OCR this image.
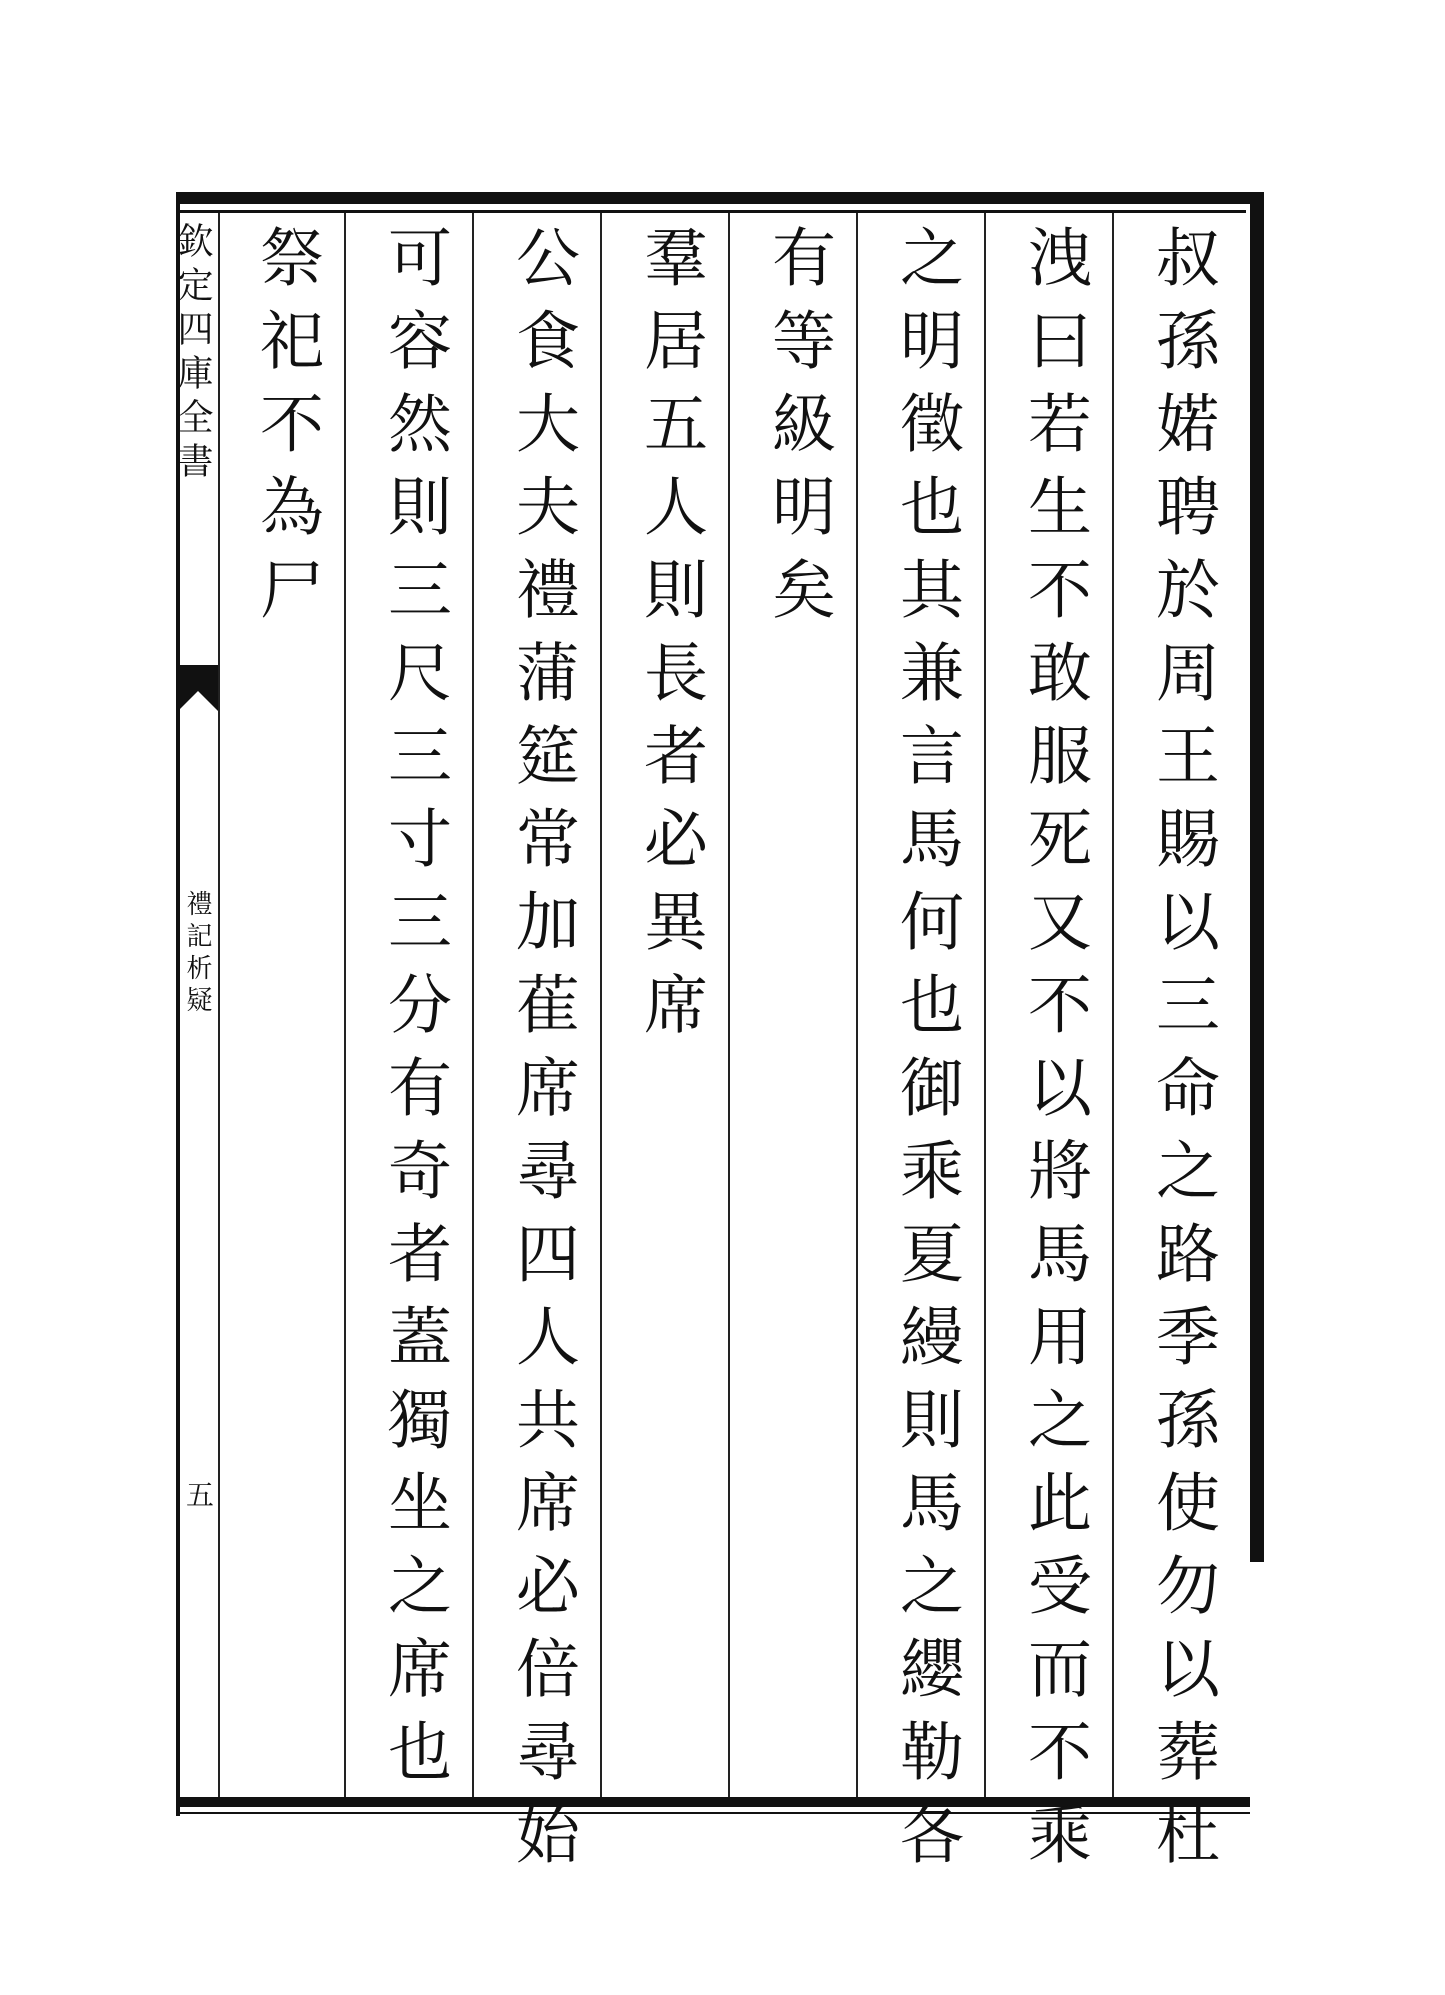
欽定四庫全書
禮記析疑
五	叔孫婼聘於周王賜以三命之路季孫使勿以葬杜
洩曰若生不敢服死又不以將馬用之此受而不乘
之明徵也其兼言馬何也御乘夏縵則馬之纓勒各
有等級明矣
羣居五人則長者必異席
公食大夫禮蒲筵常加萑席尋四人共席必倍尋始
可容然則三尺三寸三分有奇者蓋獨坐之席也
祭祀不為尸
